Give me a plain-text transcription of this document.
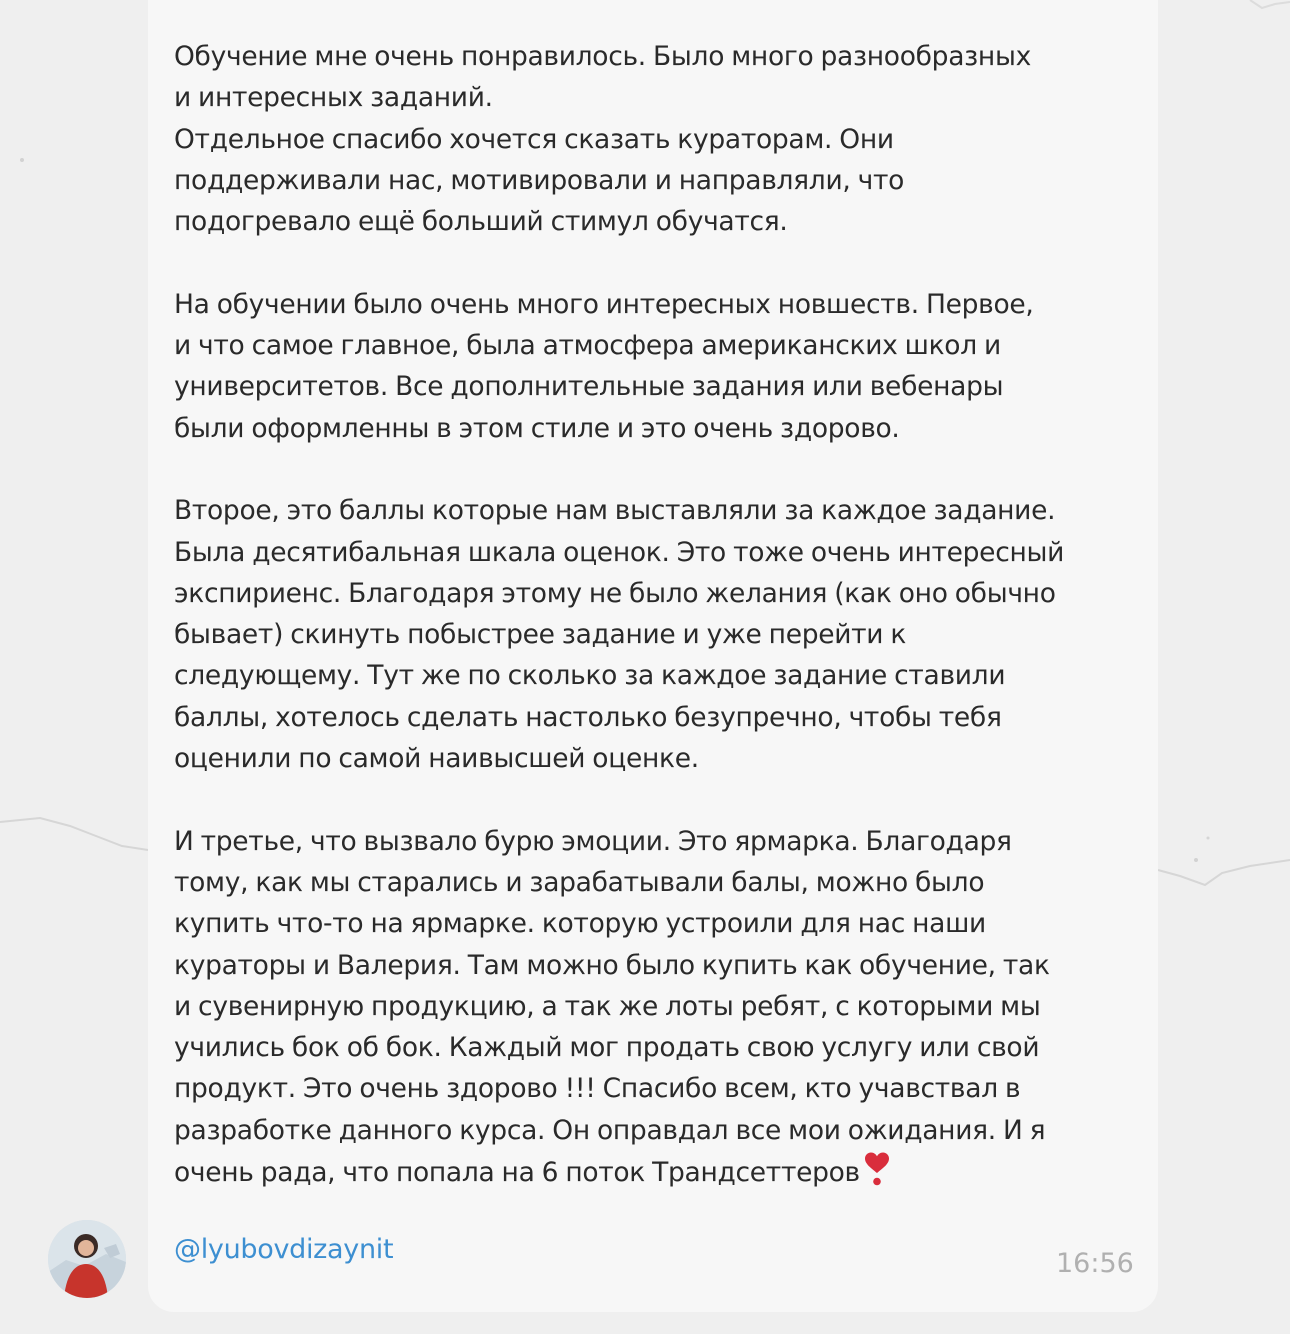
Обучение мне очень понравилось. Было много разнообразных
и интересных заданий.
Отдельное спасибо хочется сказать кураторам. Они
поддерживали нас, мотивировали и направляли, что
подогревало ещё больший стимул обучатся.

На обучении было очень много интересных новшеств. Первое,
и что самое главное, была атмосфера американских школ и
университетов. Все дополнительные задания или вебенары
были оформленны в этом стиле и это очень здорово.

Второе, это баллы которые нам выставляли за каждое задание.
Была десятибальная шкала оценок. Это тоже очень интересный
экспириенс. Благодаря этому не было желания (как оно обычно
бывает) скинуть побыстрее задание и уже перейти к
следующему. Тут же по сколько за каждое задание ставили
баллы, хотелось сделать настолько безупречно, чтобы тебя
оценили по самой наивысшей оценке.

И третье, что вызвало бурю эмоции. Это ярмарка. Благодаря
тому, как мы старались и зарабатывали балы, можно было
купить что-то на ярмарке. которую устроили для нас наши
кураторы и Валерия. Там можно было купить как обучение, так
и сувенирную продукцию, а так же лоты ребят, с которыми мы
учились бок об бок. Каждый мог продать свою услугу или свой
продукт. Это очень здорово !!! Спасибо всем, кто учавствал в
разработке данного курса. Он оправдал все мои ожидания. И я
очень рада, что попала на 6 поток Трандсеттеров

@lyubovdizaynit	16:56
